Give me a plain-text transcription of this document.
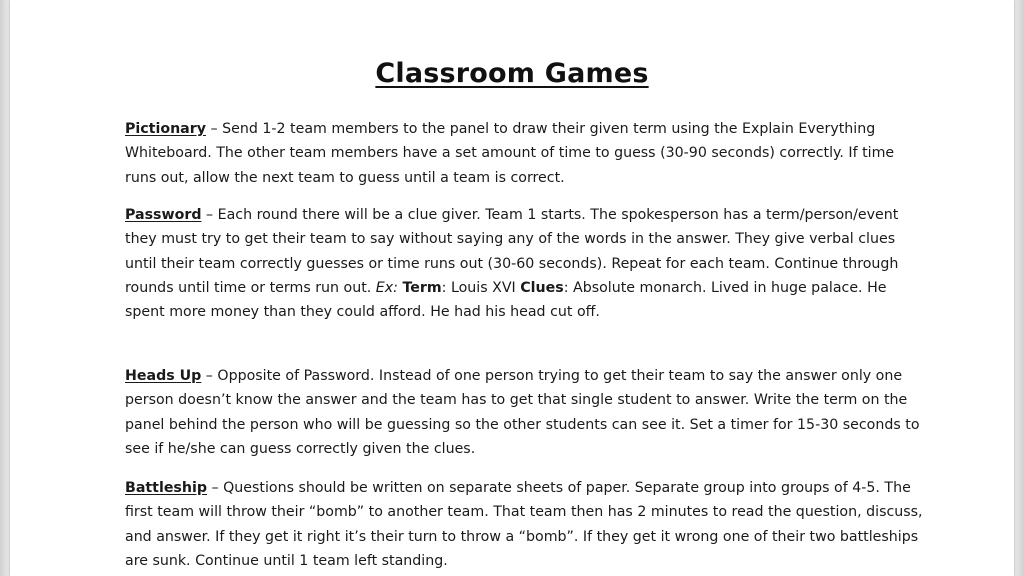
Classroom Games

Pictionary – Send 1-2 team members to the panel to draw their given term using the Explain Everything Whiteboard. The other team members have a set amount of time to guess (30-90 seconds) correctly. If time runs out, allow the next team to guess until a team is correct.

Password – Each round there will be a clue giver. Team 1 starts. The spokesperson has a term/person/event they must try to get their team to say without saying any of the words in the answer. They give verbal clues until their team correctly guesses or time runs out (30-60 seconds). Repeat for each team. Continue through rounds until time or terms run out. Ex: Term: Louis XVI Clues: Absolute monarch. Lived in huge palace. He spent more money than they could afford. He had his head cut off.

Heads Up – Opposite of Password. Instead of one person trying to get their team to say the answer only one person doesn’t know the answer and the team has to get that single student to answer. Write the term on the panel behind the person who will be guessing so the other students can see it. Set a timer for 15-30 seconds to see if he/she can guess correctly given the clues.

Battleship – Questions should be written on separate sheets of paper. Separate group into groups of 4-5. The first team will throw their “bomb” to another team. That team then has 2 minutes to read the question, discuss, and answer. If they get it right it’s their turn to throw a “bomb”. If they get it wrong one of their two battleships are sunk. Continue until 1 team left standing.
